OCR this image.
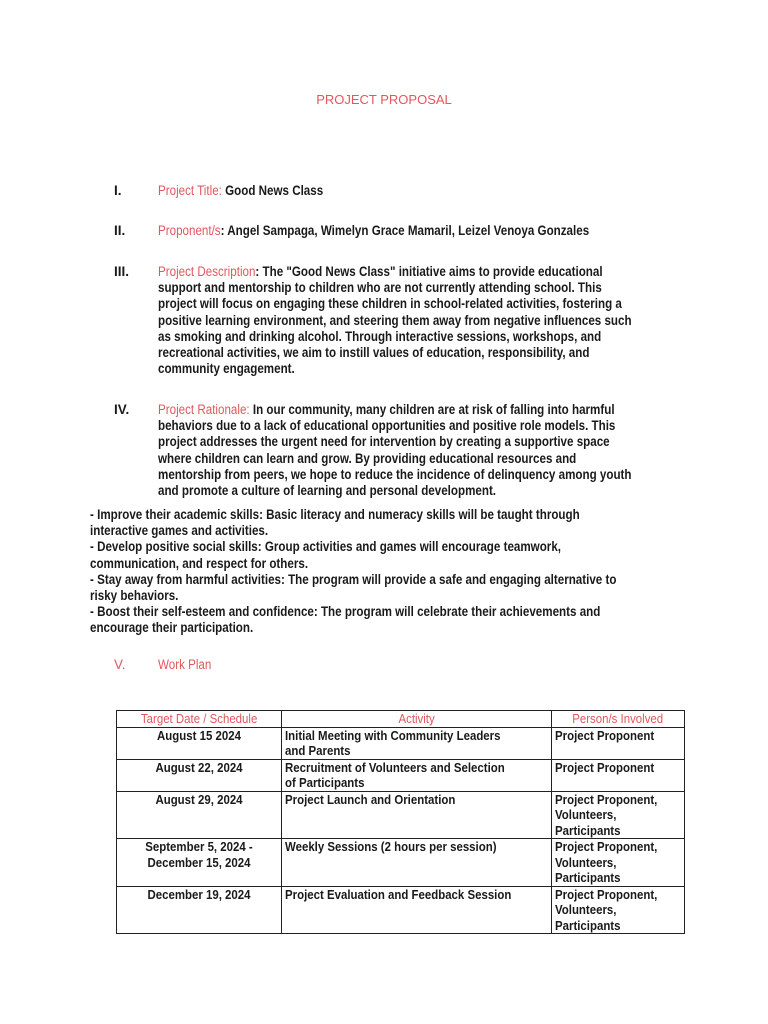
PROJECT PROPOSAL
I.	Project Title: Good News Class
II. Proponent/s: Angel Sampaga, Wimelyn Grace Mamaril, Leizel Venoya Gonzales
III. Project Description: The "Good News Class" initiative aims to provide educational
support and mentorship to children who are not currently attending school. This
project will focus on engaging these children in school-related activities, fostering a
positive learning environment, and steering them away from negative influences such
as smoking and drinking alcohol. Through interactive sessions, workshops, and
recreational activities, we aim to instill values of education, responsibility, and
community engagement.
IV. Project Rationale: In our community, many children are at risk of falling into harmful
behaviors due to a lack of educational opportunities and positive role models. This
project addresses the urgent need for intervention by creating a supportive space
where children can learn and grow. By providing educational resources and
mentorship from peers, we hope to reduce the incidence of delinquency among youth
and promote a culture of learning and personal development.
- Improve their academic skills: Basic literacy and numeracy skills will be taught through
interactive games and activities.
- Develop positive social skills: Group activities and games will encourage teamwork,
communication, and respect for others.
- Stay away from harmful activities: The program will provide a safe and engaging alternative to
risky behaviors.
- Boost their self-esteem and confidence: The program will celebrate their achievements and
encourage their participation.
V. Work Plan
Target Date / Schedule	Activity	Person/s Involved

August 15 2024	Initial Meeting with Community Leaders
and Parents	Project Proponent

August 22, 2024	Recruitment of Volunteers and Selection
of Participants	Project Proponent

August 29, 2024	Project Launch and Orientation	Project Proponent,
Volunteers,
Participants

September 5, 2024 -
December 15, 2024	Weekly Sessions (2 hours per session)	Project Proponent,
Volunteers,
Participants

December 19, 2024	Project Evaluation and Feedback Session	Project Proponent,
Volunteers,
Participants
